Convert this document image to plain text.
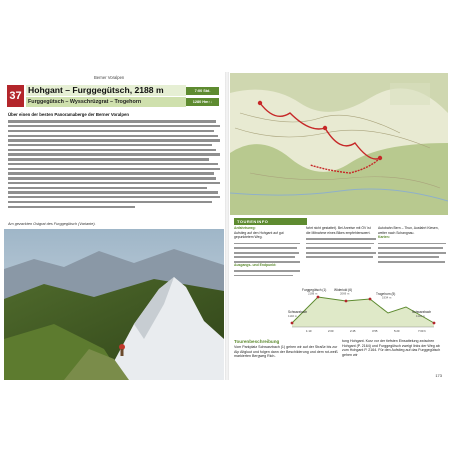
Berner Voralpen
37 Hohgant – Furggegütsch, 2188 m
Furggegütsch – Wysschrüzgrat – Trogehorn
7:00 Std.
1280 Hm↑↓
Über einen der besten Panoramaberge der Berner Voralpen
Am gezackten Ostgrat des Furggegütsch (Variante).	TOURENINFO
Anfahrtsweg:
Aufstieg auf den Hohgant auf gut gepunktetem Weg.
Ausgangs- und Endpunkt:
fahrt nicht gestattet). Bei Anreise mit ÖV ist die Mitnahme eines Bikes empfehlenswert.
Autobahn Bern – Thun, Ausfahrt Kiesen, weiter nach Schangnau.
Karten:
Furggegütsch (1)
2188 m
Wideriold (6)
2069 m	Trogehorn (5)
1934 m
Schwarzbach
1140 m
Schwarzbach
1140 m
1:10	2:00	2:45	3:55	5:20	7:00 h
Tourenbeschreibung
Vom Parkplatz Schwarzbach (1) gehen wir auf der Straße bis zur Alp Altgluut und folgen dann der Beschilderung und dem rot-weiß markierten Bergweg Rich-
tung Hohgant. Kurz vor der tiefsten Einsattelung zwischen Hohgant (P. 2164) und Furggegütsch zweigt links der Weg ab zum Hohgant P. 2164. Für den Aufstieg auf das Furggegütsch gehen wir
173
